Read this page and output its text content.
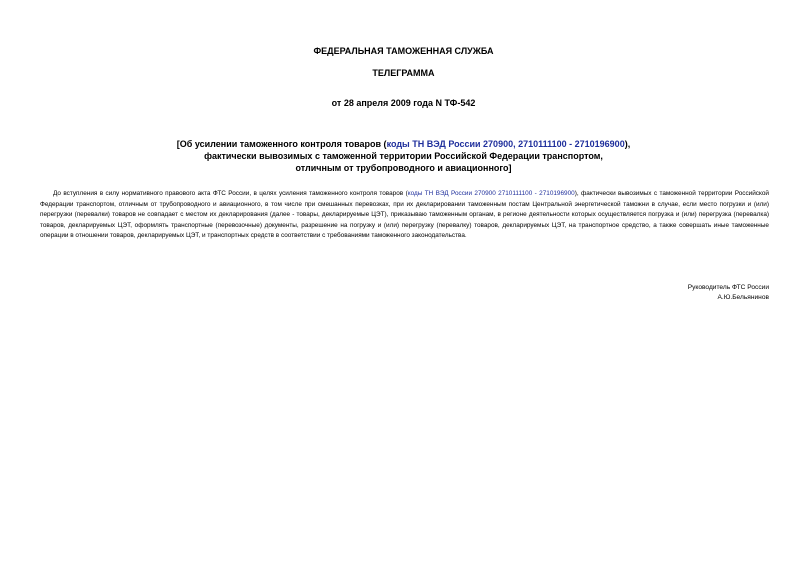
ФЕДЕРАЛЬНАЯ ТАМОЖЕННАЯ СЛУЖБА
ТЕЛЕГРАММА
от 28 апреля 2009 года N ТФ-542
[Об усилении таможенного контроля товаров (коды ТН ВЭД России 270900, 2710111100 - 2710196900),
фактически вывозимых с таможенной территории Российской Федерации транспортом,
отличным от трубопроводного и авиационного]
До вступления в силу нормативного правового акта ФТС России, в целях усиления таможенного контроля товаров (коды ТН ВЭД России 270900 2710111100 - 2710196900), фактически вывозимых с таможенной территории Российской Федерации транспортом, отличным от трубопроводного и авиационного, в том числе при смешанных перевозках, при их декларировании таможенным постам Центральной энергетической таможни в случае, если место погрузки и (или) перегрузки (перевалки) товаров не совпадает с местом их декларирования (далее - товары, декларируемые ЦЭТ), приказываю таможенным органам, в регионе деятельности которых осуществляется погрузка и (или) перегрузка (перевалка) товаров, декларируемых ЦЭТ, оформлять транспортные (перевозочные) документы, разрешение на погрузку и (или) перегрузку (перевалку) товаров, декларируемых ЦЭТ, на транспортное средство, а также совершать иные таможенные операции в отношении товаров, декларируемых ЦЭТ, и транспортных средств в соответствии с требованиями таможенного законодательства.
Руководитель ФТС России
А.Ю.Бельянинов
